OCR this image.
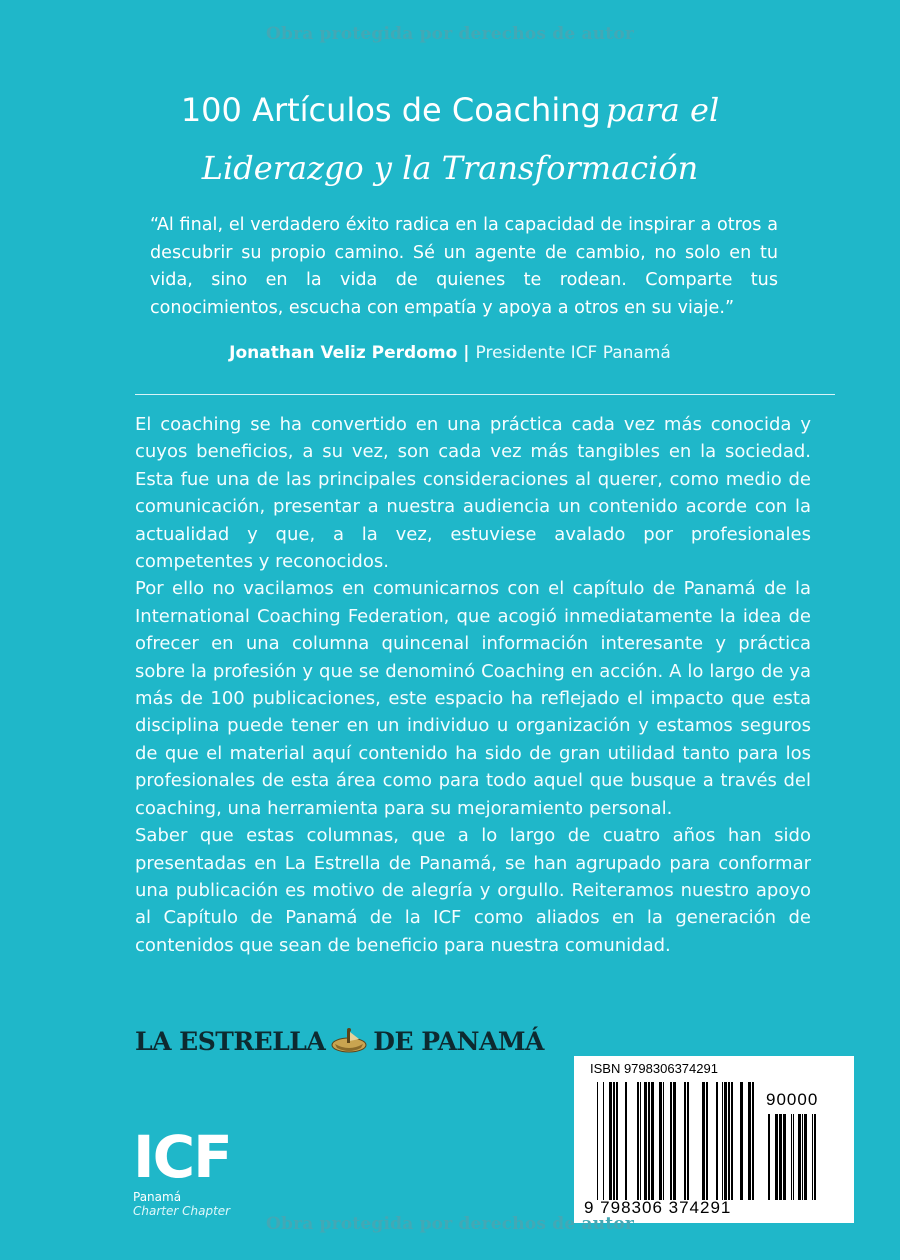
Obra protegida por derechos de autor
100 Artículos de Coaching para el
Liderazgo y la Transformación
“Al final, el verdadero éxito radica en la capacidad de inspirar a otros a descubrir su propio camino. Sé un agente de cambio, no solo en tu vida, sino en la vida de quienes te rodean. Comparte tus conocimientos, escucha con empatía y apoya a otros en su viaje.”
Jonathan Veliz Perdomo | Presidente ICF Panamá

El coaching se ha convertido en una práctica cada vez más conocida y cuyos beneficios, a su vez, son cada vez más tangibles en la sociedad. Esta fue una de las principales consideraciones al querer, como medio de comunicación, presentar a nuestra audiencia un contenido acorde con la actualidad y que, a la vez, estuviese avalado por profesionales competentes y reconocidos.

Por ello no vacilamos en comunicarnos con el capítulo de Panamá de la International Coaching Federation, que acogió inmediatamente la idea de ofrecer en una columna quincenal información interesante y práctica sobre la profesión y que se denominó Coaching en acción. A lo largo de ya más de 100 publicaciones, este espacio ha reflejado el impacto que esta disciplina puede tener en un individuo u organización y estamos seguros de que el material aquí contenido ha sido de gran utilidad tanto para los profesionales de esta área como para todo aquel que busque a través del coaching, una herramienta para su mejoramiento personal.

Saber que estas columnas, que a lo largo de cuatro años han sido presentadas en La Estrella de Panamá, se han agrupado para conformar una publicación es motivo de alegría y orgullo. Reiteramos nuestro apoyo al Capítulo de Panamá de la ICF como aliados en la generación de contenidos que sean de beneficio para nuestra comunidad.

LA ESTRELLA DE PANAMÁ
ISBN 9798306374291
90000
9 798306 374291
ICF
Panamá
Charter Chapter
Obra protegida por derechos de autor
